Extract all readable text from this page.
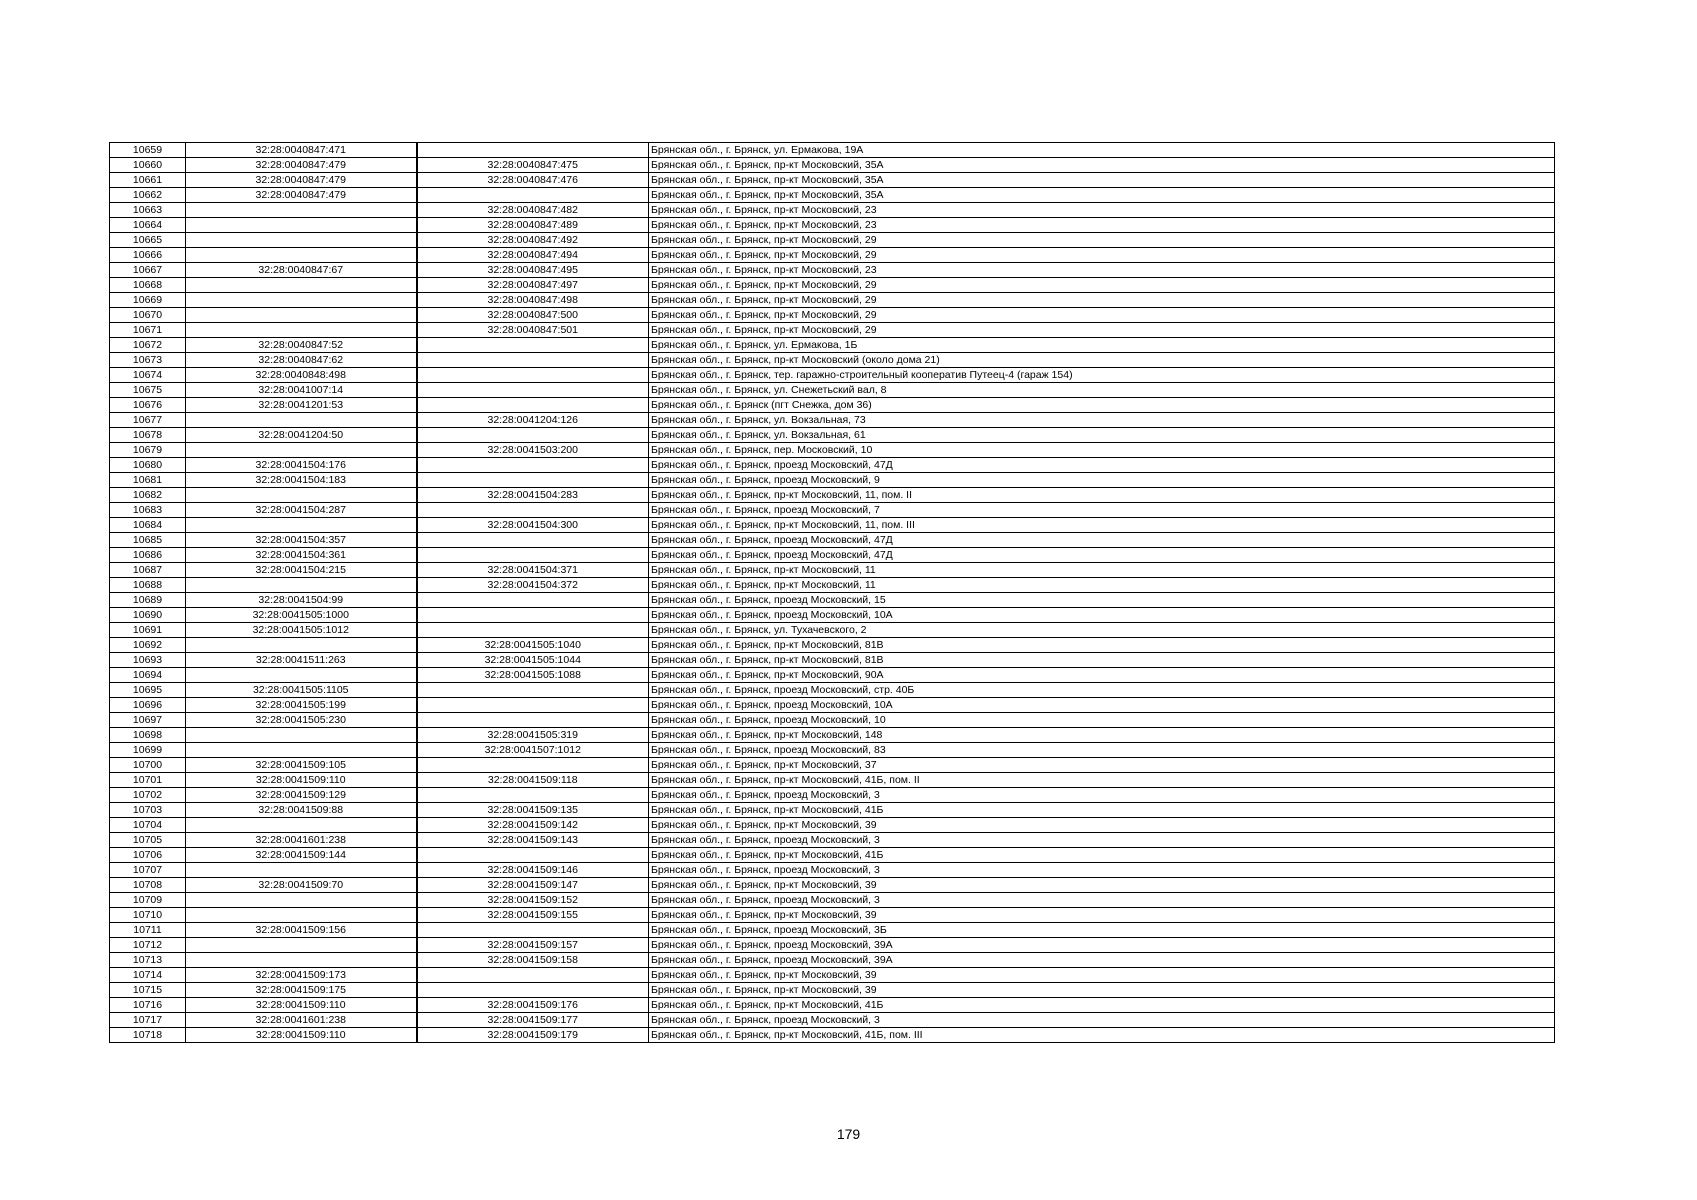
10659	32:28:0040847:471		Брянская обл., г. Брянск, ул. Ермакова, 19А
10660	32:28:0040847:479	32:28:0040847:475	Брянская обл., г. Брянск, пр-кт Московский, 35А
10661	32:28:0040847:479	32:28:0040847:476	Брянская обл., г. Брянск, пр-кт Московский, 35А
10662	32:28:0040847:479		Брянская обл., г. Брянск, пр-кт Московский, 35А
10663		32:28:0040847:482	Брянская обл., г. Брянск, пр-кт Московский, 23
10664		32:28:0040847:489	Брянская обл., г. Брянск, пр-кт Московский, 23
10665		32:28:0040847:492	Брянская обл., г. Брянск, пр-кт Московский, 29
10666		32:28:0040847:494	Брянская обл., г. Брянск, пр-кт Московский, 29
10667	32:28:0040847:67	32:28:0040847:495	Брянская обл., г. Брянск, пр-кт Московский, 23
10668		32:28:0040847:497	Брянская обл., г. Брянск, пр-кт Московский, 29
10669		32:28:0040847:498	Брянская обл., г. Брянск, пр-кт Московский, 29
10670		32:28:0040847:500	Брянская обл., г. Брянск, пр-кт Московский, 29
10671		32:28:0040847:501	Брянская обл., г. Брянск, пр-кт Московский, 29
10672	32:28:0040847:52		Брянская обл., г. Брянск, ул. Ермакова, 1Б
10673	32:28:0040847:62		Брянская обл., г. Брянск, пр-кт Московский (около дома 21)
10674	32:28:0040848:498		Брянская обл., г. Брянск, тер. гаражно-строительный кооператив Путеец-4 (гараж 154)
10675	32:28:0041007:14		Брянская обл., г. Брянск, ул. Снежетьский вал, 8
10676	32:28:0041201:53		Брянская обл., г. Брянск (пгт Снежка, дом 36)
10677		32:28:0041204:126	Брянская обл., г. Брянск, ул. Вокзальная, 73
10678	32:28:0041204:50		Брянская обл., г. Брянск, ул. Вокзальная, 61
10679		32:28:0041503:200	Брянская обл., г. Брянск, пер. Московский, 10
10680	32:28:0041504:176		Брянская обл., г. Брянск, проезд Московский, 47Д
10681	32:28:0041504:183		Брянская обл., г. Брянск, проезд Московский, 9
10682		32:28:0041504:283	Брянская обл., г. Брянск, пр-кт Московский, 11, пом. II
10683	32:28:0041504:287		Брянская обл., г. Брянск, проезд Московский, 7
10684		32:28:0041504:300	Брянская обл., г. Брянск, пр-кт Московский, 11, пом. III
10685	32:28:0041504:357		Брянская обл., г. Брянск, проезд Московский, 47Д
10686	32:28:0041504:361		Брянская обл., г. Брянск, проезд Московский, 47Д
10687	32:28:0041504:215	32:28:0041504:371	Брянская обл., г. Брянск, пр-кт Московский, 11
10688		32:28:0041504:372	Брянская обл., г. Брянск, пр-кт Московский, 11
10689	32:28:0041504:99		Брянская обл., г. Брянск, проезд Московский, 15
10690	32:28:0041505:1000		Брянская обл., г. Брянск, проезд Московский, 10А
10691	32:28:0041505:1012		Брянская обл., г. Брянск, ул. Тухачевского, 2
10692		32:28:0041505:1040	Брянская обл., г. Брянск, пр-кт Московский, 81В
10693	32:28:0041511:263	32:28:0041505:1044	Брянская обл., г. Брянск, пр-кт Московский, 81В
10694		32:28:0041505:1088	Брянская обл., г. Брянск, пр-кт Московский, 90А
10695	32:28:0041505:1105		Брянская обл., г. Брянск, проезд Московский, стр. 40Б
10696	32:28:0041505:199		Брянская обл., г. Брянск, проезд Московский, 10А
10697	32:28:0041505:230		Брянская обл., г. Брянск, проезд Московский, 10
10698		32:28:0041505:319	Брянская обл., г. Брянск, пр-кт Московский, 148
10699		32:28:0041507:1012	Брянская обл., г. Брянск, проезд Московский, 83
10700	32:28:0041509:105		Брянская обл., г. Брянск, пр-кт Московский, 37
10701	32:28:0041509:110	32:28:0041509:118	Брянская обл., г. Брянск, пр-кт Московский, 41Б, пом. II
10702	32:28:0041509:129		Брянская обл., г. Брянск, проезд Московский, 3
10703	32:28:0041509:88	32:28:0041509:135	Брянская обл., г. Брянск, пр-кт Московский, 41Б
10704		32:28:0041509:142	Брянская обл., г. Брянск, пр-кт Московский, 39
10705	32:28:0041601:238	32:28:0041509:143	Брянская обл., г. Брянск, проезд Московский, 3
10706	32:28:0041509:144		Брянская обл., г. Брянск, пр-кт Московский, 41Б
10707		32:28:0041509:146	Брянская обл., г. Брянск, проезд Московский, 3
10708	32:28:0041509:70	32:28:0041509:147	Брянская обл., г. Брянск, пр-кт Московский, 39
10709		32:28:0041509:152	Брянская обл., г. Брянск, проезд Московский, 3
10710		32:28:0041509:155	Брянская обл., г. Брянск, пр-кт Московский, 39
10711	32:28:0041509:156		Брянская обл., г. Брянск, проезд Московский, 3Б
10712		32:28:0041509:157	Брянская обл., г. Брянск, проезд Московский, 39А
10713		32:28:0041509:158	Брянская обл., г. Брянск, проезд Московский, 39А
10714	32:28:0041509:173		Брянская обл., г. Брянск, пр-кт Московский, 39
10715	32:28:0041509:175		Брянская обл., г. Брянск, пр-кт Московский, 39
10716	32:28:0041509:110	32:28:0041509:176	Брянская обл., г. Брянск, пр-кт Московский, 41Б
10717	32:28:0041601:238	32:28:0041509:177	Брянская обл., г. Брянск, проезд Московский, 3
10718	32:28:0041509:110	32:28:0041509:179	Брянская обл., г. Брянск, пр-кт Московский, 41Б, пом. III
179
